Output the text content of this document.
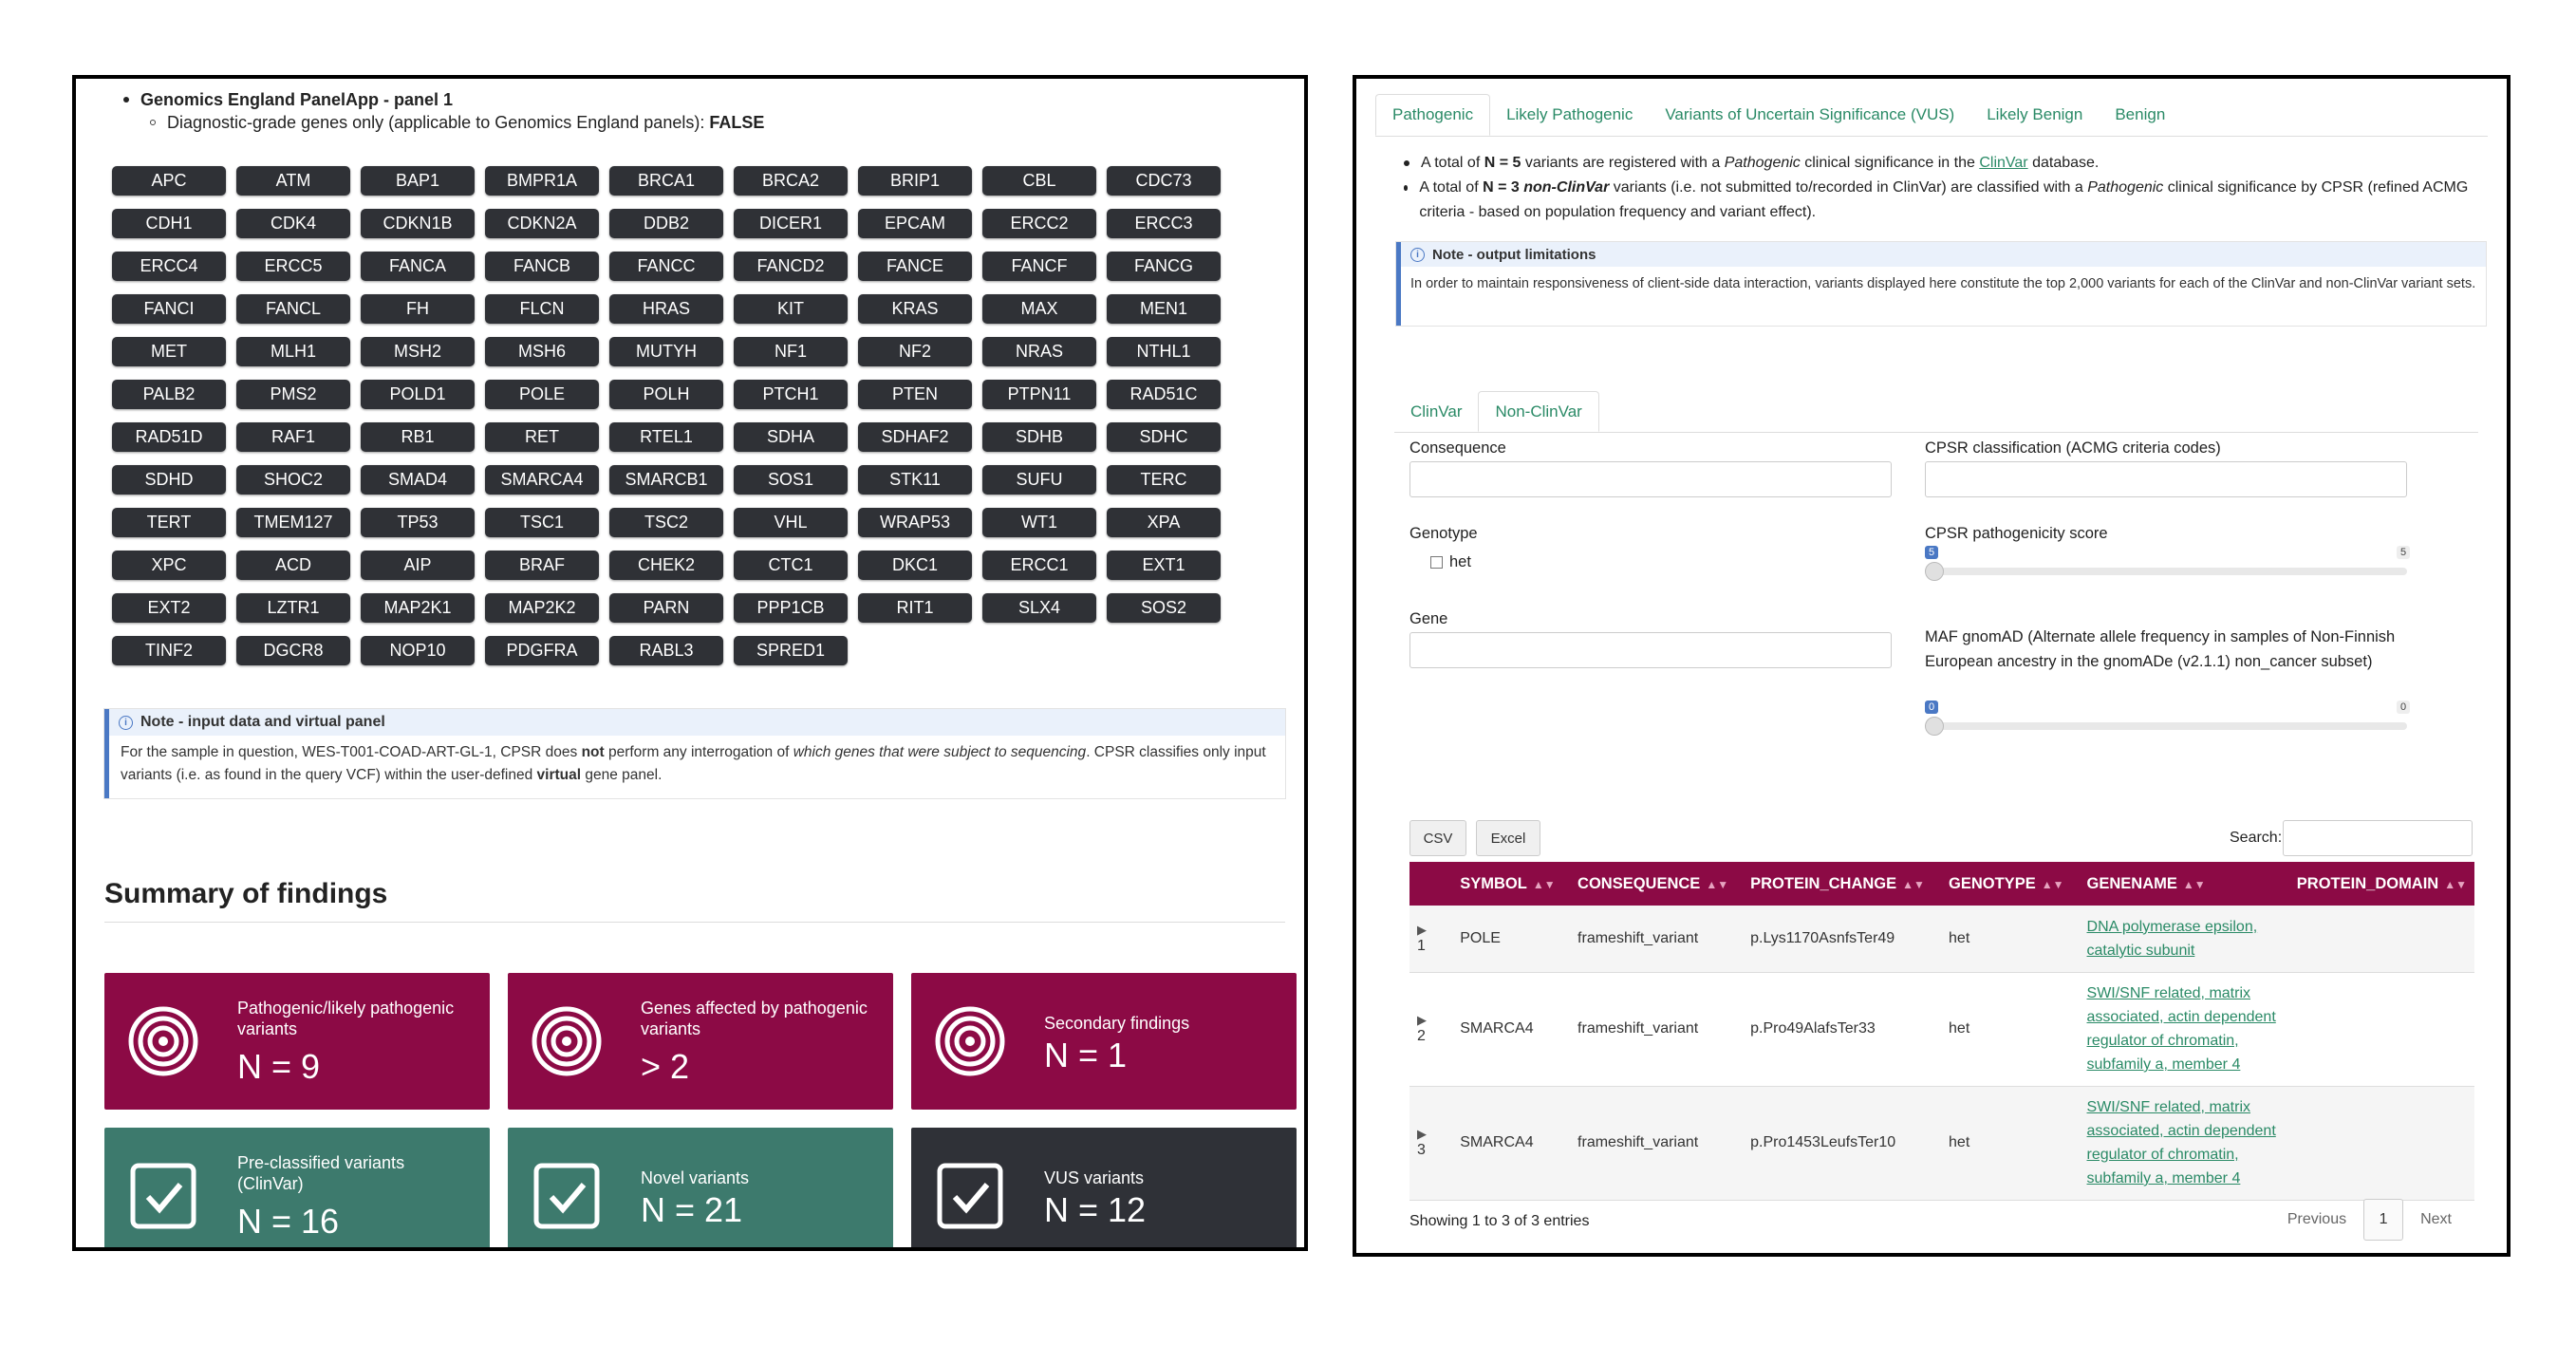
Genomics England PanelApp - panel 1
Diagnostic-grade genes only (applicable to Genomics England panels): FALSE
APC	ATM	BAP1	BMPR1A	BRCA1	BRCA2	BRIP1	CBL	CDC73
CDH1	CDK4	CDKN1B	CDKN2A	DDB2	DICER1	EPCAM	ERCC2	ERCC3
ERCC4	ERCC5	FANCA	FANCB	FANCC	FANCD2	FANCE	FANCF	FANCG
FANCI	FANCL	FH	FLCN	HRAS	KIT	KRAS	MAX	MEN1
MET	MLH1	MSH2	MSH6	MUTYH	NF1	NF2	NRAS	NTHL1
PALB2	PMS2	POLD1	POLE	POLH	PTCH1	PTEN	PTPN11	RAD51C
RAD51D	RAF1	RB1	RET	RTEL1	SDHA	SDHAF2	SDHB	SDHC
SDHD	SHOC2	SMAD4	SMARCA4	SMARCB1	SOS1	STK11	SUFU	TERC
TERT	TMEM127	TP53	TSC1	TSC2	VHL	WRAP53	WT1	XPA
XPC	ACD	AIP	BRAF	CHEK2	CTC1	DKC1	ERCC1	EXT1
EXT2	LZTR1	MAP2K1	MAP2K2	PARN	PPP1CB	RIT1	SLX4	SOS2
TINF2	DGCR8	NOP10	PDGFRA	RABL3	SPRED1
i Note - input data and virtual panel
For the sample in question, WES-T001-COAD-ART-GL-1, CPSR does not perform any interrogation of which genes that were subject to sequencing. CPSR classifies only input variants (i.e. as found in the query VCF) within the user-defined virtual gene panel.
Summary of findings
Pathogenic/likely pathogenic variants
N = 9
Genes affected by pathogenic variants
> 2
Secondary findings
N = 1
Pre-classified variants (ClinVar)
N = 16
Novel variants
N = 21
VUS variants
N = 12
Pathogenic	Likely Pathogenic	Variants of Uncertain Significance (VUS)	Likely Benign	Benign
A total of N = 5 variants are registered with a Pathogenic clinical significance in the ClinVar database.
A total of N = 3 non-ClinVar variants (i.e. not submitted to/recorded in ClinVar) are classified with a Pathogenic clinical significance by CPSR (refined ACMG criteria - based on population frequency and variant effect).
i Note - output limitations
In order to maintain responsiveness of client-side data interaction, variants displayed here constitute the top 2,000 variants for each of the ClinVar and non-ClinVar variant sets.
ClinVar	Non-ClinVar
Consequence	CPSR classification (ACMG criteria codes)
Genotype
het
CPSR pathogenicity score
5	5
Gene
MAF gnomAD (Alternate allele frequency in samples of Non-Finnish European ancestry in the gnomADe (v2.1.1) non_cancer subset)
0	0
CSV	Excel	Search:
	SYMBOL ▲▼	CONSEQUENCE ▲▼	PROTEIN_CHANGE ▲▼	GENOTYPE ▲▼	GENENAME ▲▼	PROTEIN_DOMAIN ▲▼

▶
1	POLE	frameshift_variant	p.Lys1170AsnfsTer49	het	DNA polymerase epsilon, catalytic subunit	

▶
2	SMARCA4	frameshift_variant	p.Pro49AlafsTer33	het	SWI/SNF related, matrix associated, actin dependent regulator of chromatin, subfamily a, member 4	

▶
3	SMARCA4	frameshift_variant	p.Pro1453LeufsTer10	het	SWI/SNF related, matrix associated, actin dependent regulator of chromatin, subfamily a, member 4	
Showing 1 to 3 of 3 entries	Previous	1	Next
